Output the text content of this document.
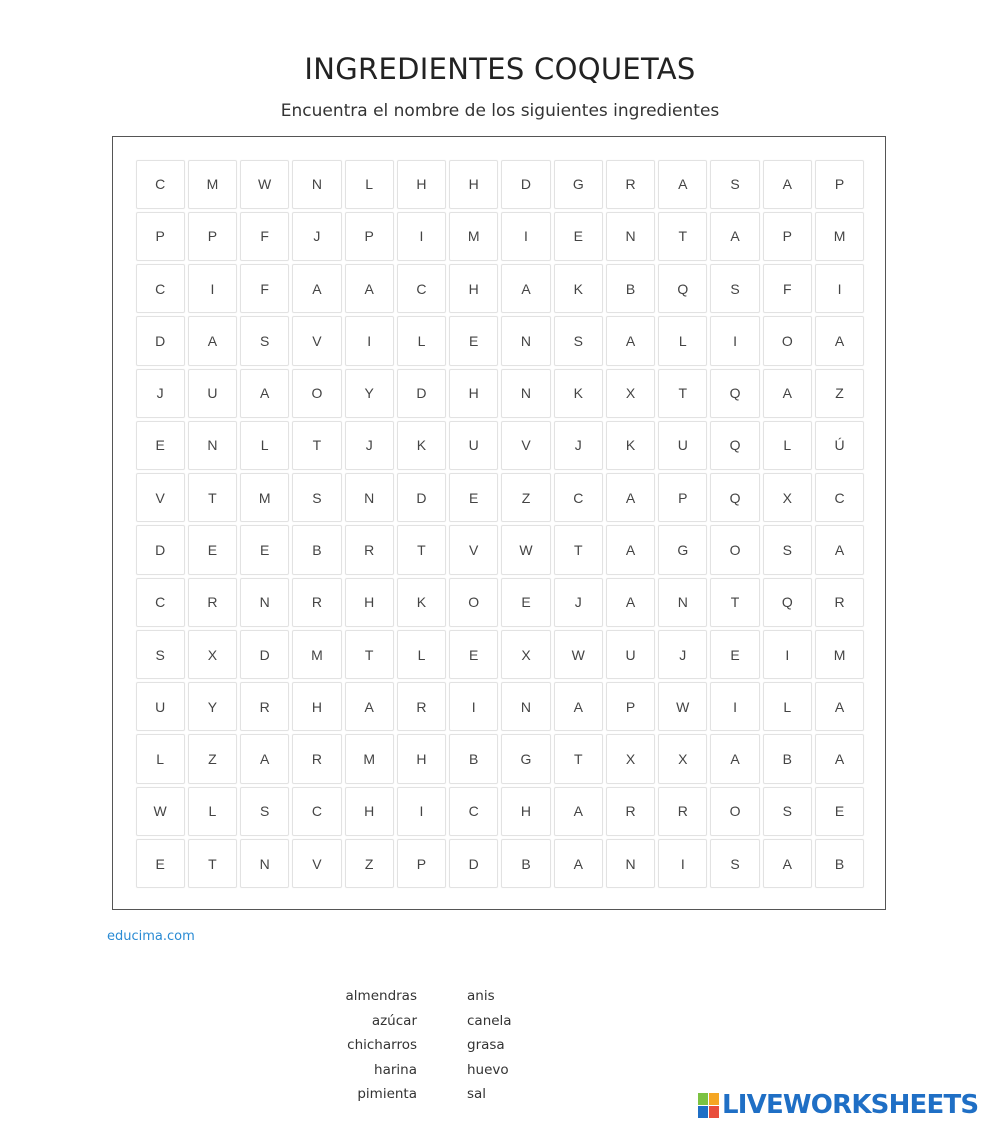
INGREDIENTES COQUETAS
Encuentra el nombre de los siguientes ingredientes
C	M	W	N	L	H	H	D	G	R	A	S	A	P
P	P	F	J	P	I	M	I	E	N	T	A	P	M
C	I	F	A	A	C	H	A	K	B	Q	S	F	I
D	A	S	V	I	L	E	N	S	A	L	I	O	A
J	U	A	O	Y	D	H	N	K	X	T	Q	A	Z
E	N	L	T	J	K	U	V	J	K	U	Q	L	Ú
V	T	M	S	N	D	E	Z	C	A	P	Q	X	C
D	E	E	B	R	T	V	W	T	A	G	O	S	A
C	R	N	R	H	K	O	E	J	A	N	T	Q	R
S	X	D	M	T	L	E	X	W	U	J	E	I	M
U	Y	R	H	A	R	I	N	A	P	W	I	L	A
L	Z	A	R	M	H	B	G	T	X	X	A	B	A
W	L	S	C	H	I	C	H	A	R	R	O	S	E
E	T	N	V	Z	P	D	B	A	N	I	S	A	B
educima.com
almendras
azúcar
chicharros
harina
pimienta
anis
canela
grasa
huevo
sal	LIVEWORKSHEETS
